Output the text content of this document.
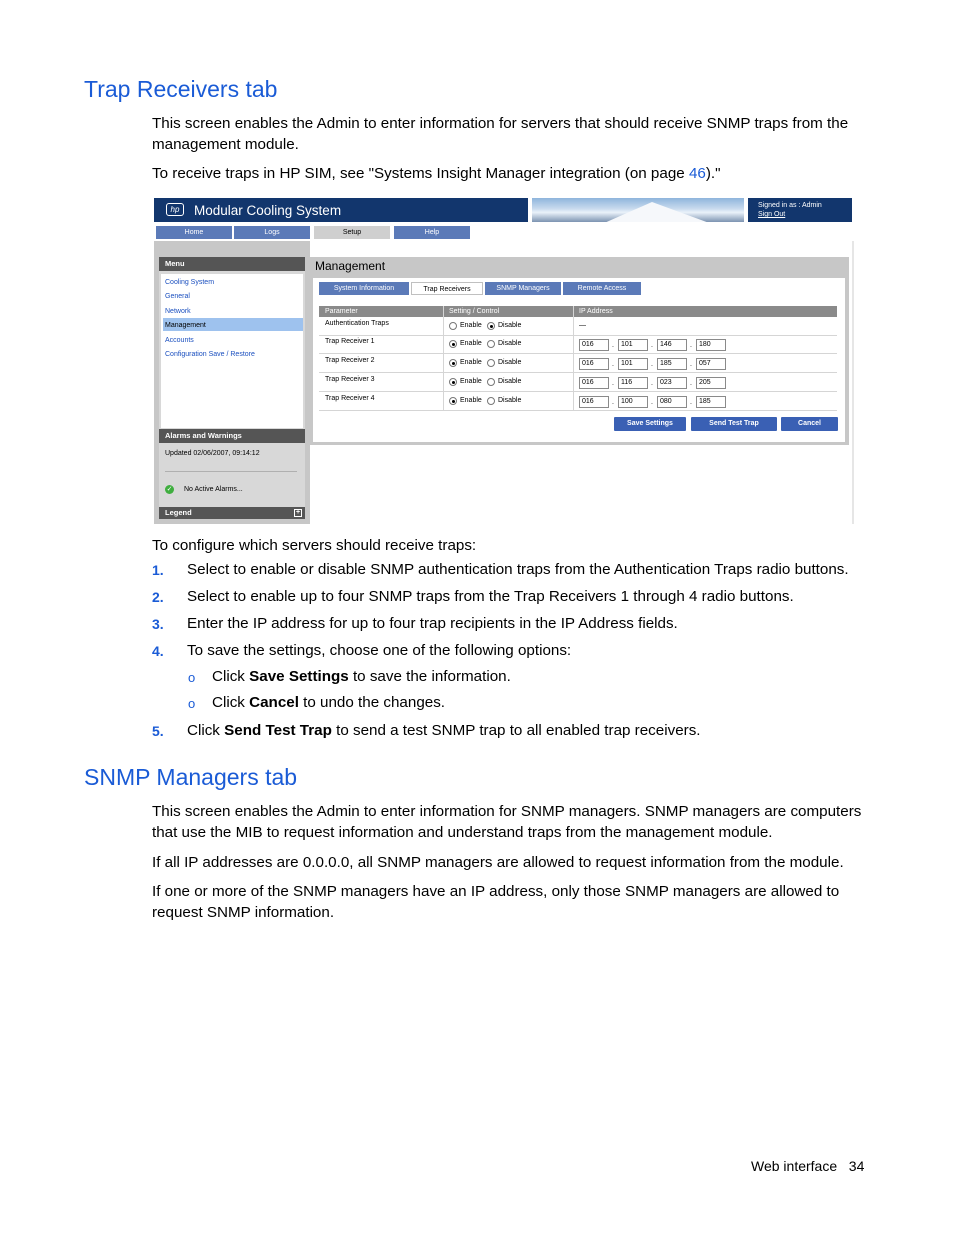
Trap Receivers tab

This screen enables the Admin to enter information for servers that should receive SNMP traps from the management module.

To receive traps in HP SIM, see "Systems Insight Manager integration (on page 46)."

hp	Modular Cooling System	Signed in as : Admin
Sign Out
Home	Logs	Setup	Help
Menu
Cooling System
General
Network
Management
Accounts
Configuration Save / Restore
Alarms and Warnings
Updated 02/06/2007, 09:14:12
✓ No Active Alarms...
Legend	+
Management
System Information	Trap Receivers	SNMP Managers	Remote Access
Parameter	Setting / Control	IP Address
Authentication Traps	Enable Disable	—
Trap Receiver 1	Enable Disable	016	.	101	.	146	.	180
Trap Receiver 2	Enable Disable	016	.	101	.	185	.	057
Trap Receiver 3	Enable Disable	016	.	116	.	023	.	205
Trap Receiver 4	Enable Disable	016	.	100	.	080	.	185
Save Settings	Send Test Trap	Cancel

To configure which servers should receive traps:

1. Select to enable or disable SNMP authentication traps from the Authentication Traps radio buttons.
2. Select to enable up to four SNMP traps from the Trap Receivers 1 through 4 radio buttons.
3. Enter the IP address for up to four trap recipients in the IP Address fields.
4. To save the settings, choose one of the following options:
o Click Save Settings to save the information.
o Click Cancel to undo the changes.
5. Click Send Test Trap to send a test SNMP trap to all enabled trap receivers.
SNMP Managers tab

This screen enables the Admin to enter information for SNMP managers. SNMP managers are computers that use the MIB to request information and understand traps from the management module.

If all IP addresses are 0.0.0.0, all SNMP managers are allowed to request information from the module.

If one or more of the SNMP managers have an IP address, only those SNMP managers are allowed to request SNMP information.

Web interface 34
